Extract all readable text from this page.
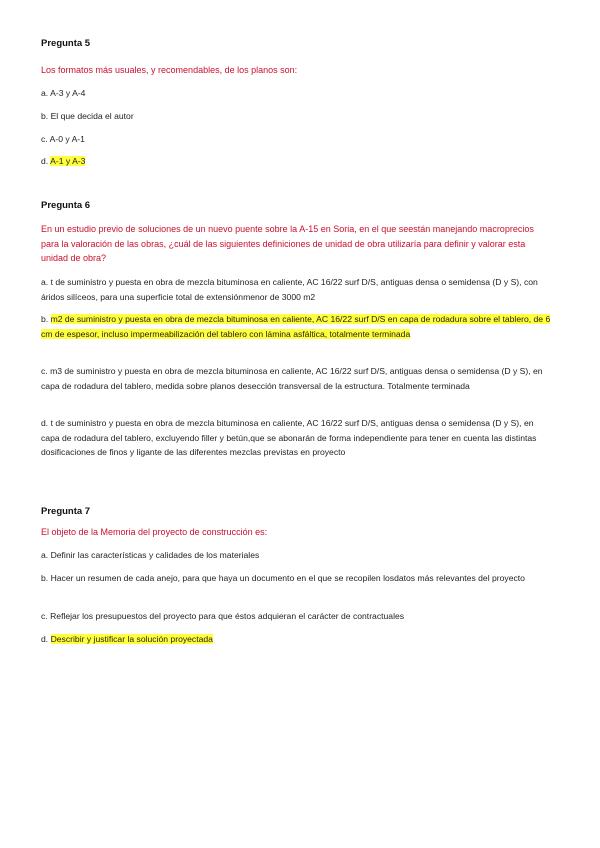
Pregunta 5
Los formatos más usuales, y recomendables, de los planos son:
a. A-3 y A-4
b. El que decida el autor
c. A-0 y A-1
d. A-1 y A-3
Pregunta 6
En un estudio previo de soluciones de un nuevo puente sobre la A-15 en Soria, en el que seestán manejando macroprecios para la valoración de las obras, ¿cuál de las siguientes definiciones de unidad de obra utilizaría para definir y valorar esta unidad de obra?
a. t de suministro y puesta en obra de mezcla bituminosa en caliente, AC 16/22 surf D/S, antiguas densa o semidensa (D y S), con áridos silíceos, para una superficie total de extensiónmenor de 3000 m2
b. m2 de suministro y puesta en obra de mezcla bituminosa en caliente, AC 16/22 surf D/S en capa de rodadura sobre el tablero, de 6 cm de espesor, incluso impermeabilización del tablero con lámina asfáltica, totalmente terminada
c. m3 de suministro y puesta en obra de mezcla bituminosa en caliente, AC 16/22 surf D/S, antiguas densa o semidensa (D y S), en capa de rodadura del tablero, medida sobre planos desección transversal de la estructura. Totalmente terminada
d. t de suministro y puesta en obra de mezcla bituminosa en caliente, AC 16/22 surf D/S, antiguas densa o semidensa (D y S), en capa de rodadura del tablero, excluyendo filler y betún,que se abonarán de forma independiente para tener en cuenta las distintas dosificaciones de finos y ligante de las diferentes mezclas previstas en proyecto
Pregunta 7
El objeto de la Memoria del proyecto de construcción es:
a. Definir las características y calidades de los materiales
b. Hacer un resumen de cada anejo, para que haya un documento en el que se recopilen losdatos más relevantes del proyecto
c. Reflejar los presupuestos del proyecto para que éstos adquieran el carácter de contractuales
d. Describir y justificar la solución proyectada
